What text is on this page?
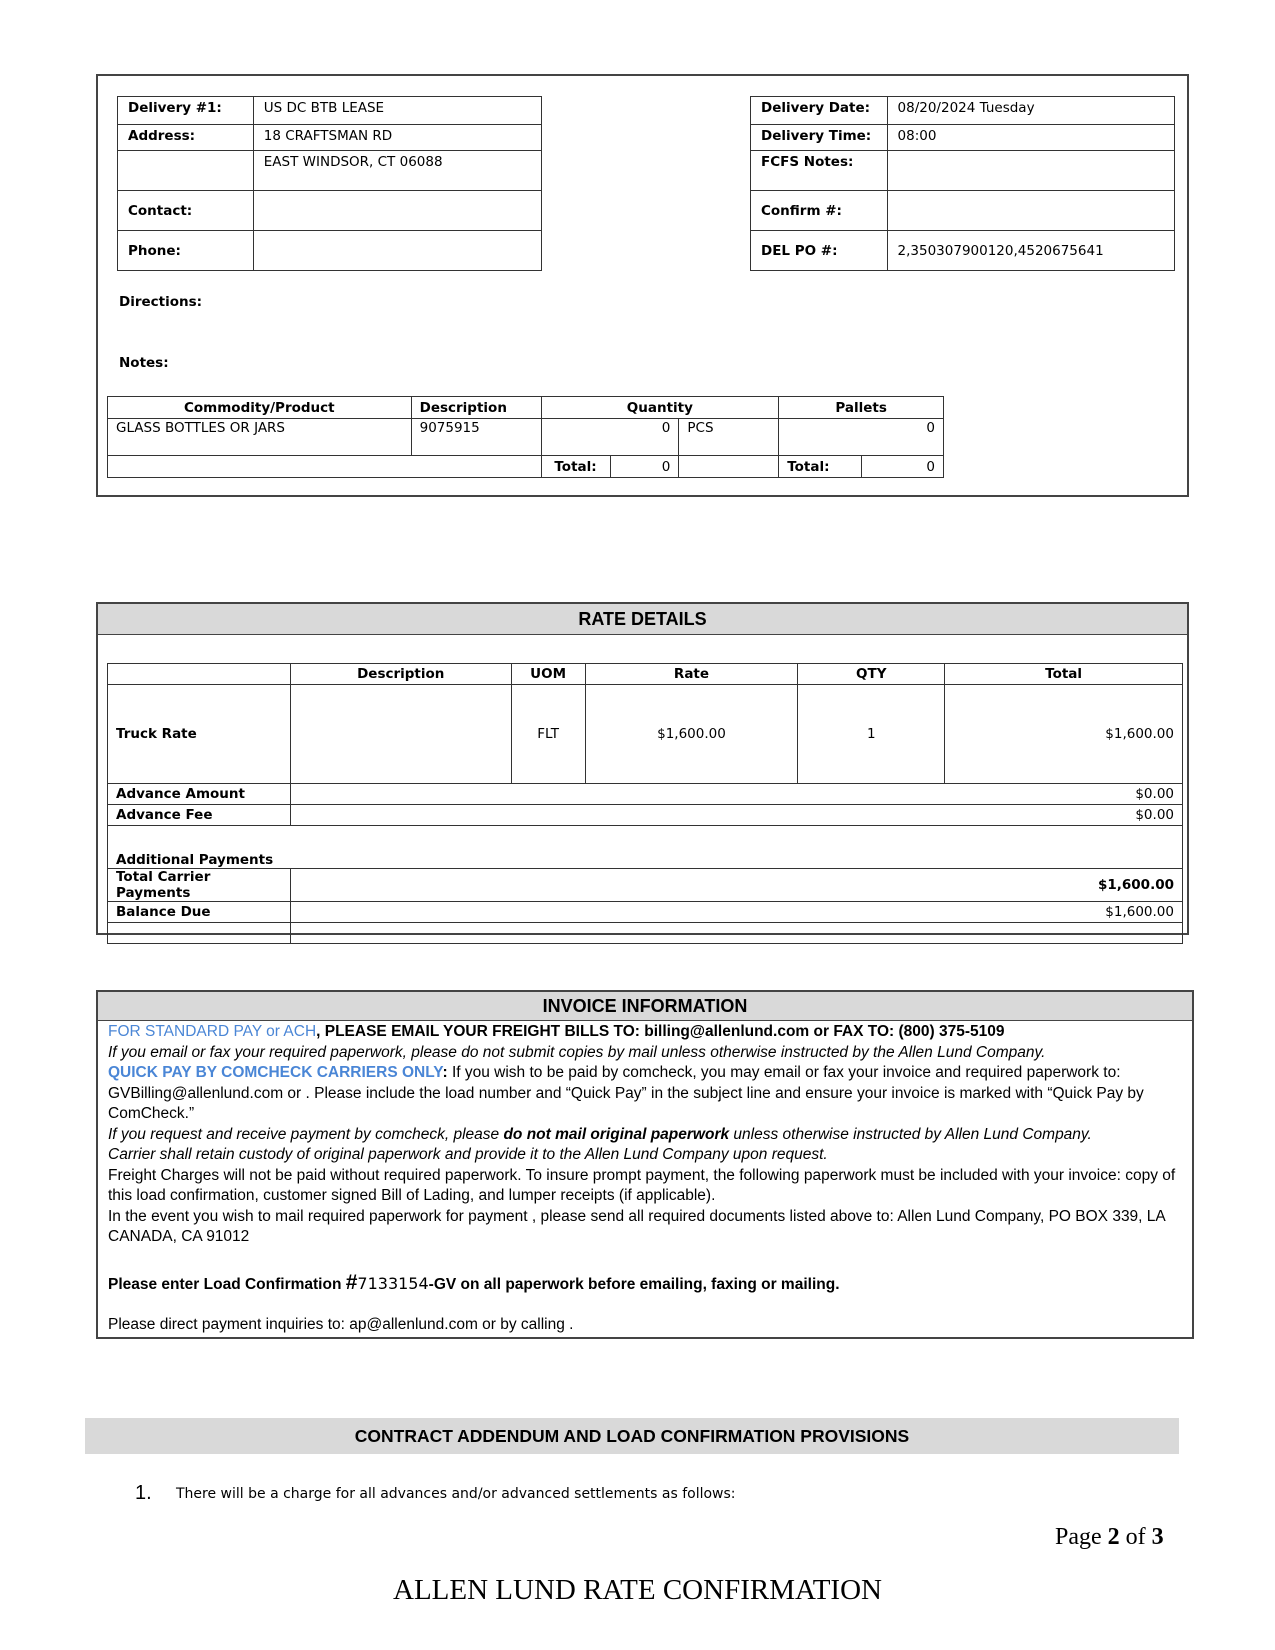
Delivery #1:	US DC BTB LEASE
Address:	18 CRAFTSMAN RD
	EAST WINDSOR, CT 06088
Contact:	
Phone:	
Delivery Date:	08/20/2024 Tuesday
Delivery Time:	08:00
FCFS Notes:	
Confirm #:	
DEL PO #:	2,350307900120,4520675641
Directions:
Notes:
Commodity/Product	Description	Quantity			Pallets	
GLASS BOTTLES OR JARS	9075915	0		PCS	0	
		Total:	0		Total:	0
RATE DETAILS
	Description	UOM	Rate	QTY	Total
Truck Rate		FLT	$1,600.00	1	$1,600.00
Advance Amount	$0.00				
Advance Fee	$0.00				
Additional Payments					
Total Carrier Payments	$1,600.00				
Balance Due	$1,600.00				

INVOICE INFORMATION
FOR STANDARD PAY or ACH, PLEASE EMAIL YOUR FREIGHT BILLS TO: billing@allenlund.com or FAX TO: (800) 375-5109
If you email or fax your required paperwork, please do not submit copies by mail unless otherwise instructed by the Allen Lund Company.
QUICK PAY BY COMCHECK CARRIERS ONLY: If you wish to be paid by comcheck, you may email or fax your invoice and required paperwork to: GVBilling@allenlund.com or . Please include the load number and “Quick Pay” in the subject line and ensure your invoice is marked with “Quick Pay by ComCheck.”
If you request and receive payment by comcheck, please do not mail original paperwork unless otherwise instructed by Allen Lund Company.
Carrier shall retain custody of original paperwork and provide it to the Allen Lund Company upon request.
Freight Charges will not be paid without required paperwork. To insure prompt payment, the following paperwork must be included with your invoice: copy of this load confirmation, customer signed Bill of Lading, and lumper receipts (if applicable).
In the event you wish to mail required paperwork for payment , please send all required documents listed above to: Allen Lund Company, PO BOX 339, LA CANADA, CA 91012
Please enter Load Confirmation #7133154-GV on all paperwork before emailing, faxing or mailing.
Please direct payment inquiries to: ap@allenlund.com or by calling .
CONTRACT ADDENDUM AND LOAD CONFIRMATION PROVISIONS
1. There will be a charge for all advances and/or advanced settlements as follows:
Page 2 of 3
ALLEN LUND RATE CONFIRMATION
